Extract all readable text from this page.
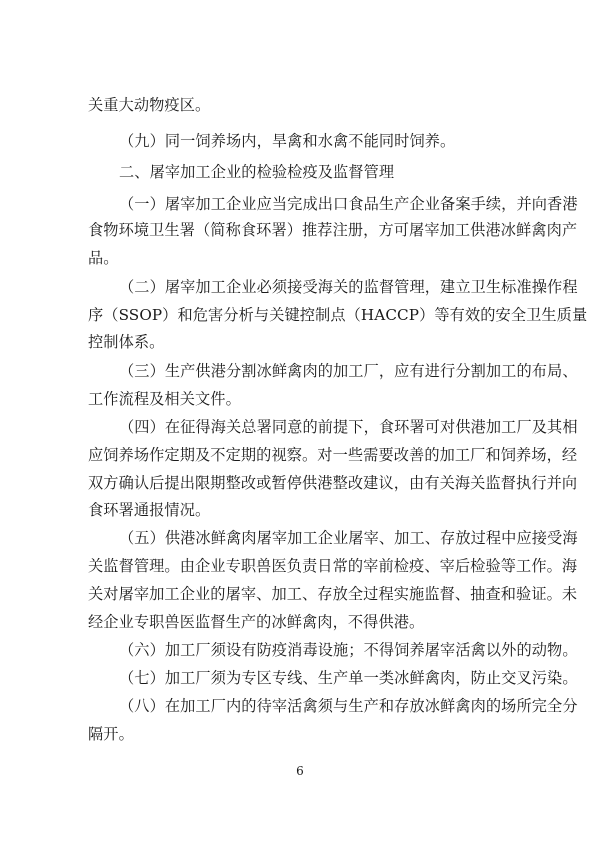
关重大动物疫区。
（九）同一饲养场内，旱禽和水禽不能同时饲养。
二、屠宰加工企业的检验检疫及监督管理
（一）屠宰加工企业应当完成出口食品生产企业备案手续，并向香港
食物环境卫生署（简称食环署）推荐注册，方可屠宰加工供港冰鲜禽肉产
品。
（二）屠宰加工企业必须接受海关的监督管理，建立卫生标准操作程
序（SSOP）和危害分析与关键控制点（HACCP）等有效的安全卫生质量
控制体系。
（三）生产供港分割冰鲜禽肉的加工厂，应有进行分割加工的布局、
工作流程及相关文件。
（四）在征得海关总署同意的前提下，食环署可对供港加工厂及其相
应饲养场作定期及不定期的视察。对一些需要改善的加工厂和饲养场，经
双方确认后提出限期整改或暂停供港整改建议，由有关海关监督执行并向
食环署通报情况。
（五）供港冰鲜禽肉屠宰加工企业屠宰、加工、存放过程中应接受海
关监督管理。由企业专职兽医负责日常的宰前检疫、宰后检验等工作。海
关对屠宰加工企业的屠宰、加工、存放全过程实施监督、抽查和验证。未
经企业专职兽医监督生产的冰鲜禽肉，不得供港。
（六）加工厂须设有防疫消毒设施；不得饲养屠宰活禽以外的动物。
（七）加工厂须为专区专线、生产单一类冰鲜禽肉，防止交叉污染。
（八）在加工厂内的待宰活禽须与生产和存放冰鲜禽肉的场所完全分
隔开。
6
